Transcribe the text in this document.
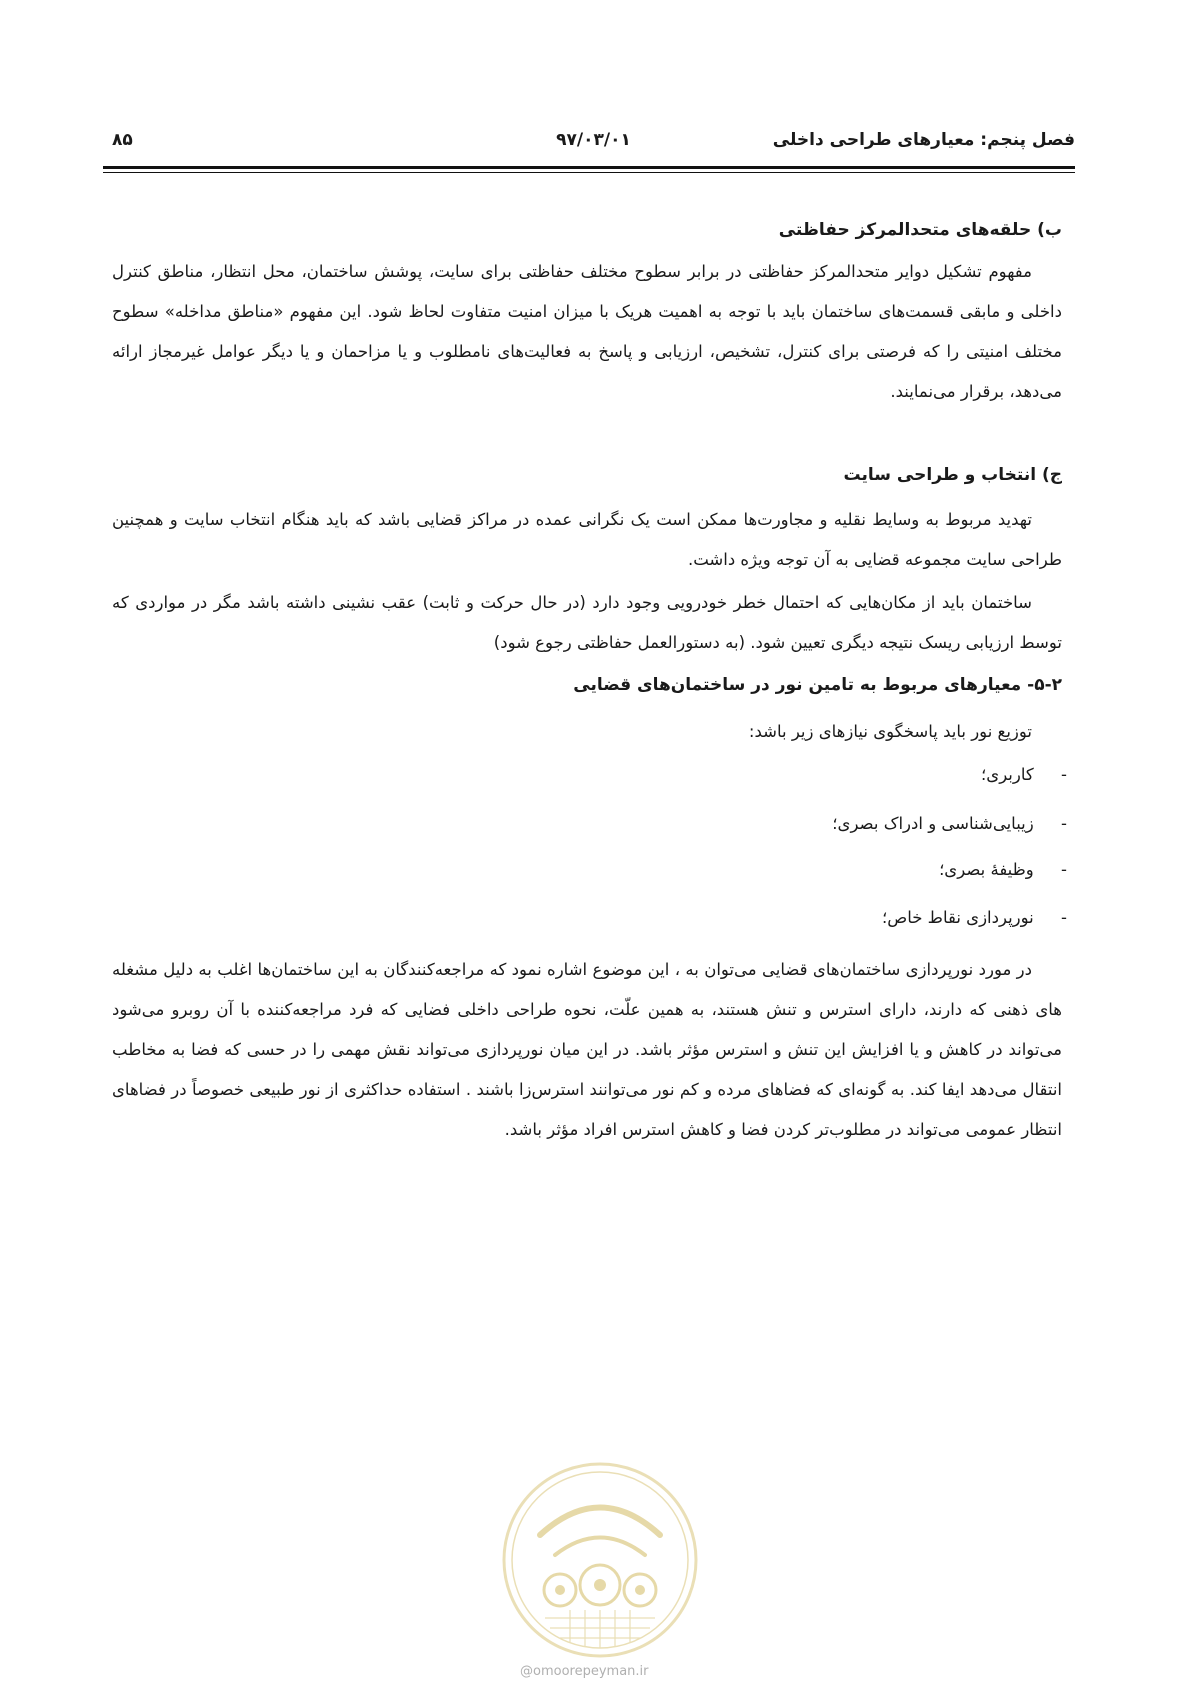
فصل پنجم: معیارهای طراحی داخلی
۹۷/۰۳/۰۱
۸۵
ب) حلقه‌های متحدالمرکز حفاظتی
مفهوم تشکیل دوایر متحدالمرکز حفاظتی در برابر سطوح مختلف حفاظتی برای سایت، پوشش ساختمان، محل انتظار، مناطق کنترل داخلی و مابقی قسمت‌های ساختمان باید با توجه به اهمیت هریک با میزان امنیت متفاوت لحاظ شود. این مفهوم «مناطق مداخله» سطوح مختلف امنیتی را که فرصتی برای کنترل، تشخیص، ارزیابی و پاسخ به فعالیت‌های نامطلوب و یا مزاحمان و یا دیگر عوامل غیرمجاز ارائه می‌دهد، برقرار می‌نمایند.
ج) انتخاب و طراحی سایت
تهدید مربوط به وسایط نقلیه و مجاورت‌ها ممکن است یک نگرانی عمده در مراکز قضایی باشد که باید هنگام انتخاب سایت و همچنین طراحی سایت مجموعه قضایی به آن توجه ویژه داشت.
ساختمان باید از مکان‌هایی که احتمال خطر خودرویی وجود دارد (در حال حرکت و ثابت) عقب نشینی داشته باشد مگر در مواردی که توسط ارزیابی ریسک نتیجه دیگری تعیین شود. (به دستورالعمل حفاظتی رجوع شود)
۵-۲- معیارهای مربوط به تامین نور در ساختمان‌های قضایی
توزیع نور باید پاسخگوی نیازهای زیر باشد:
- کاربری؛
- زیبایی‌شناسی و ادراک بصری؛
- وظیفهٔ بصری؛
- نورپردازی نقاط خاص؛
در مورد نورپردازی ساختمان‌های قضایی می‌توان به ، این موضوع اشاره نمود که مراجعه‌کنندگان به این ساختمان‌ها اغلب به دلیل مشغله های ذهنی که دارند، دارای استرس و تنش هستند، به همین علّت، نحوه طراحی داخلی فضایی که فرد مراجعه‌کننده با آن روبرو می‌شود می‌تواند در کاهش و یا افزایش این تنش و استرس مؤثر باشد. در این میان نورپردازی می‌تواند نقش مهمی را در حسی که فضا به مخاطب انتقال می‌دهد ایفا کند. به گونه‌ای که فضاهای مرده و کم نور می‌توانند استرس‌زا باشند . استفاده حداکثری از نور طبیعی خصوصاً در فضاهای انتظار عمومی می‌تواند در مطلوب‌تر کردن فضا و کاهش استرس افراد مؤثر باشد.
@omoorepeyman.ir
